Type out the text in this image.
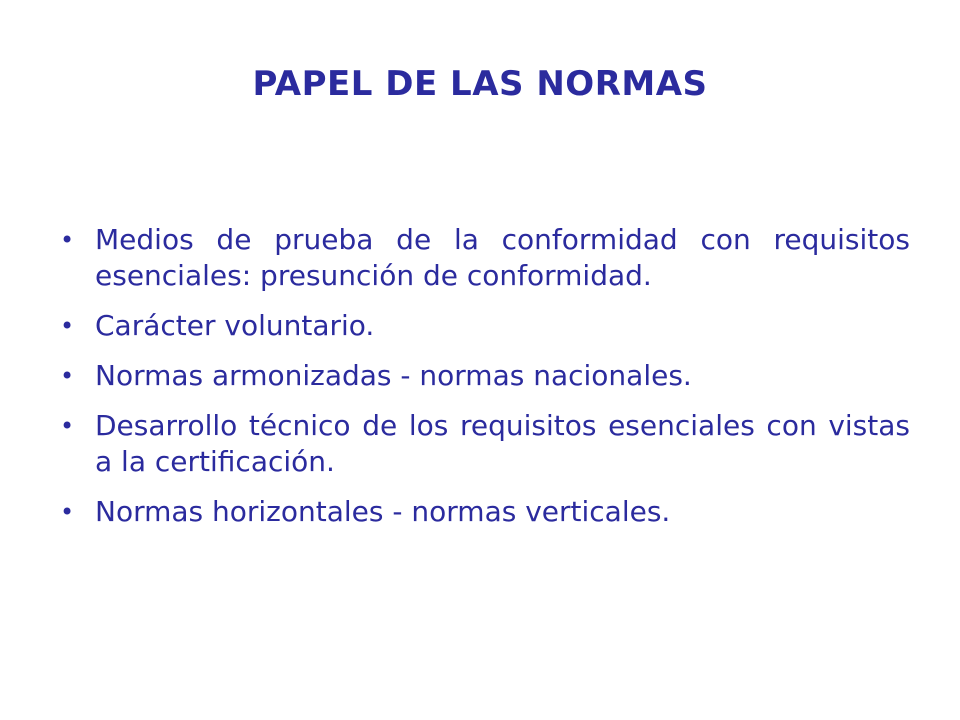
PAPEL DE LAS NORMAS
• Medios de prueba de la conformidad con requisitos esenciales: presunción de conformidad.
• Carácter voluntario.
• Normas armonizadas - normas nacionales.
• Desarrollo técnico de los requisitos esenciales con vistas a la certificación.
• Normas horizontales - normas verticales.
